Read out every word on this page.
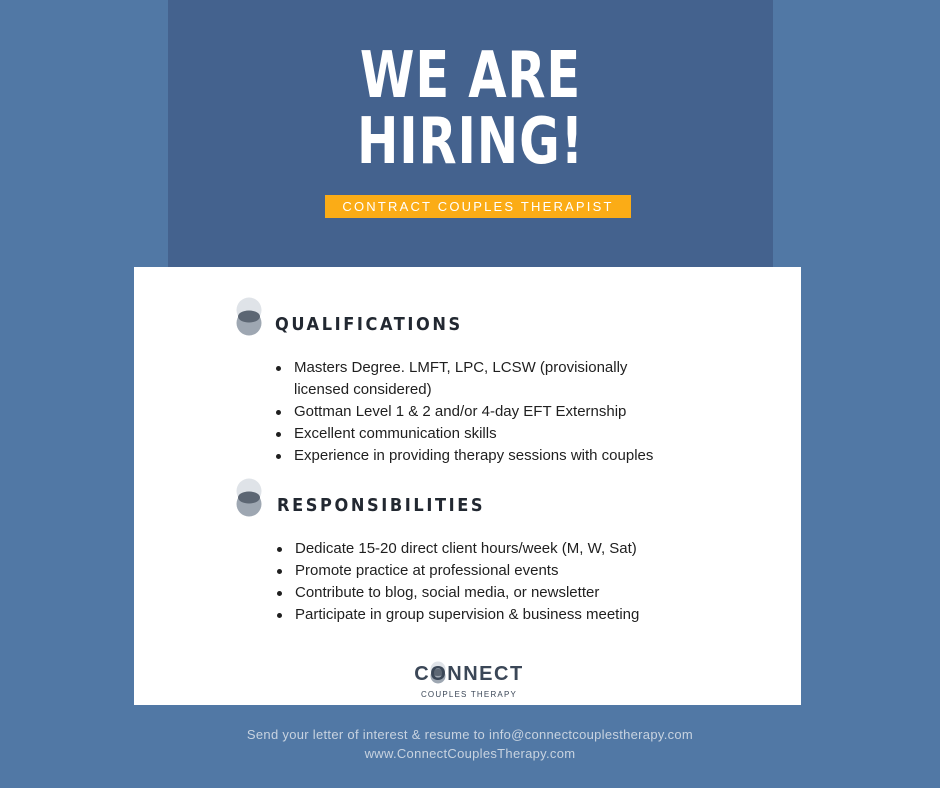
WE ARE
HIRING!
CONTRACT COUPLES THERAPIST
QUALIFICATIONS
Masters Degree. LMFT, LPC, LCSW (provisionally
licensed considered)
Gottman Level 1 & 2 and/or 4-day EFT Externship
Excellent communication skills
Experience in providing therapy sessions with couples
RESPONSIBILITIES
Dedicate 15-20 direct client hours/week (M, W, Sat)
Promote practice at professional events
Contribute to blog, social media, or newsletter
Participate in group supervision & business meeting
CONNECT
COUPLES THERAPY
Send your letter of interest & resume to info@connectcouplestherapy.com
www.ConnectCouplesTherapy.com
